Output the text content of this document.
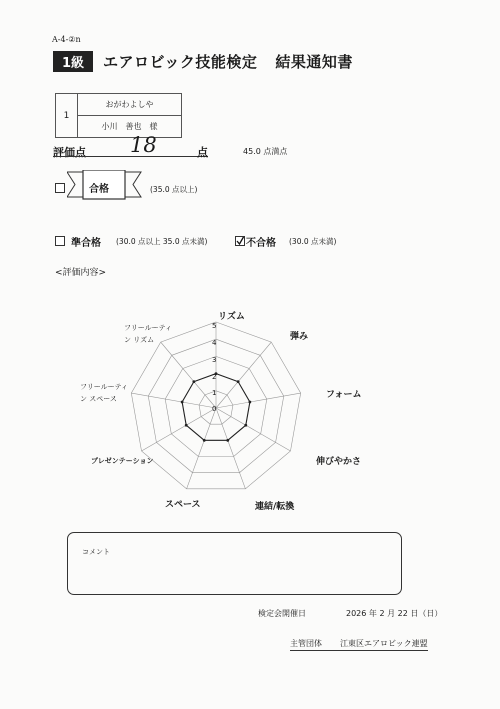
A-4-②n
1級	エアロビック技能検定 結果通知書
1
おがわよしや
小川　善也　様
評価点 18	点	45.0 点満点
合格	(35.0 点以上)
準合格 (30.0 点以上 35.0 点未満)	不合格 (30.0 点未満)
<評価内容>
リズム
弾み
フォーム
伸びやかさ
連結/転換
スペース
プレゼンテーション
フリールーティン スペース
フリールーティン リズム
5
4
3
2
1
0
コメント
検定会開催日	2026 年 2 月 22 日（日）
主管団体 江東区エアロビック連盟
